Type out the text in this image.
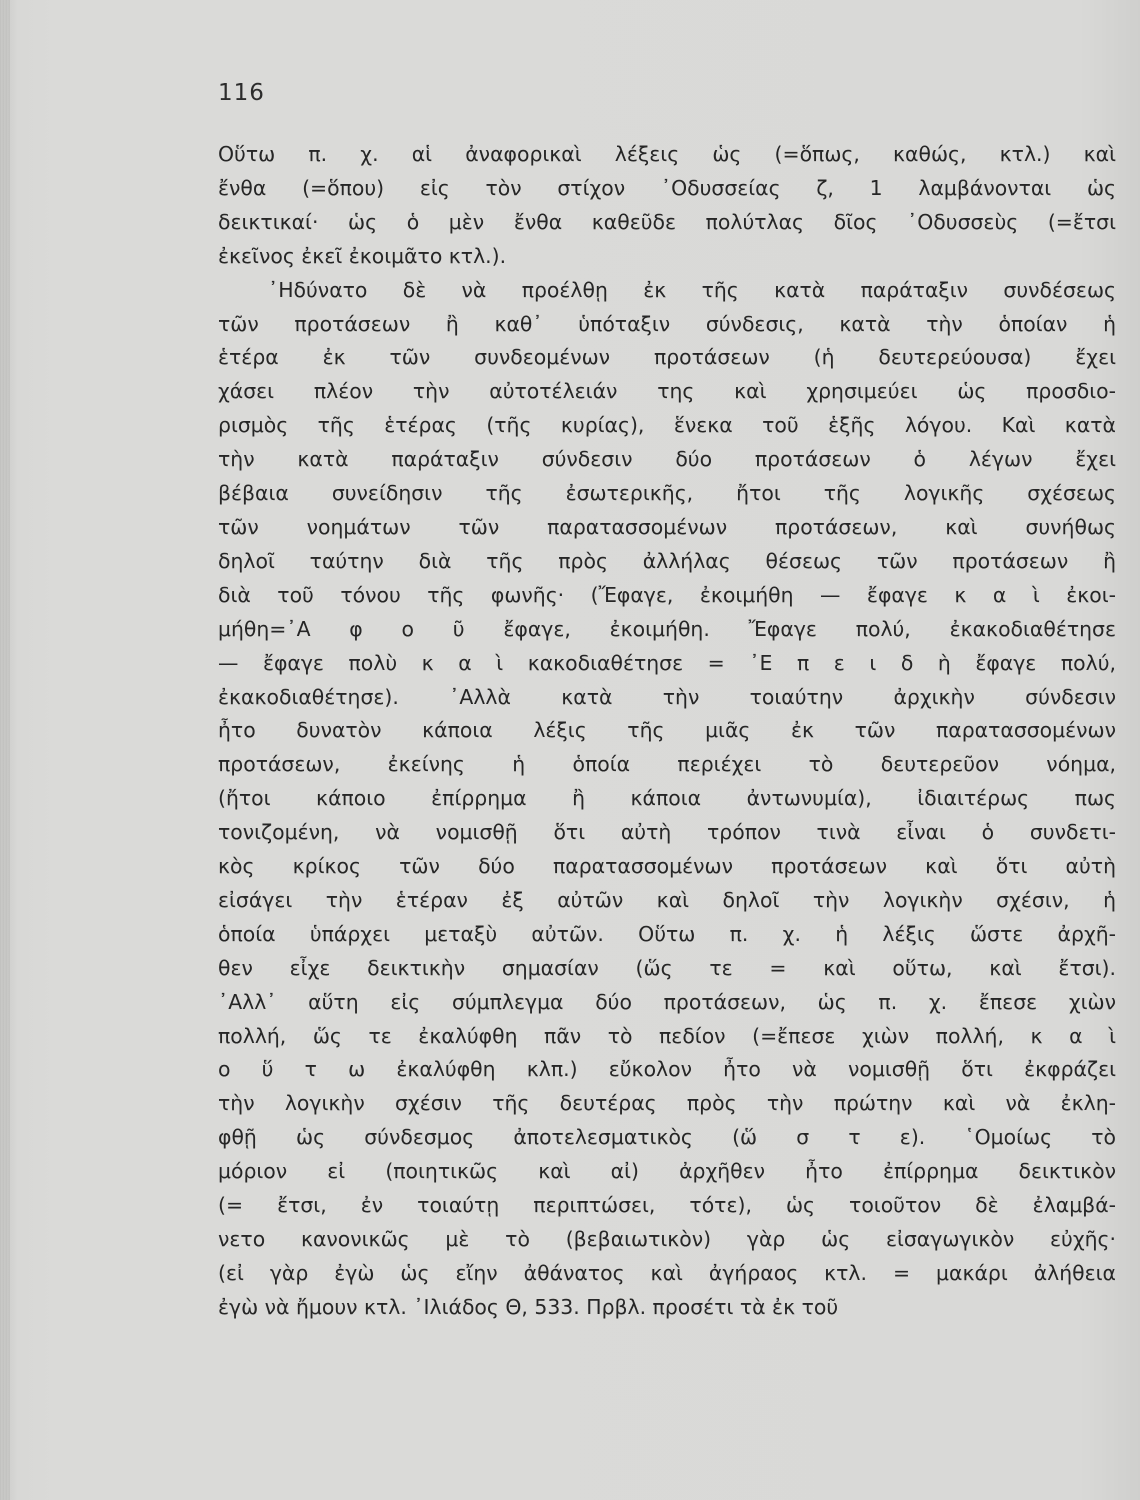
116
Οὕτω π. χ. αἱ ἀναφορικαὶ λέξεις ὡς (=ὅπως, καθώς, κτλ.) καὶ
ἔνθα (=ὅπου) εἰς τὸν στίχον ᾿Οδυσσείας ζ, 1 λαμβάνονται ὡς
δεικτικαί· ὡς ὁ μὲν ἔνθα καθεῦδε πολύτλας δῖος ᾿Οδυσσεὺς (=ἔτσι
ἐκεῖνος ἐκεῖ ἐκοιμᾶτο κτλ.).
᾿Ηδύνατο δὲ νὰ προέλθῃ ἐκ τῆς κατὰ παράταξιν συνδέσεως
τῶν προτάσεων ἢ καθ᾿ ὑπόταξιν σύνδεσις, κατὰ τὴν ὁποίαν ἡ
ἑτέρα ἐκ τῶν συνδεομένων προτάσεων (ἡ δευτερεύουσα) ἔχει
χάσει πλέον τὴν αὐτοτέλειάν της καὶ χρησιμεύει ὡς προσδιο-
ρισμὸς τῆς ἑτέρας (τῆς κυρίας), ἕνεκα τοῦ ἑξῆς λόγου. Καὶ κατὰ
τὴν κατὰ παράταξιν σύνδεσιν δύο προτάσεων ὁ λέγων ἔχει
βέβαια συνείδησιν τῆς ἐσωτερικῆς, ἤτοι τῆς λογικῆς σχέσεως
τῶν νοημάτων τῶν παρατασσομένων προτάσεων, καὶ συνήθως
δηλοῖ ταύτην διὰ τῆς πρὸς ἀλλήλας θέσεως τῶν προτάσεων ἢ
διὰ τοῦ τόνου τῆς φωνῆς· (Ἔφαγε, ἐκοιμήθη — ἔφαγε κ α ὶ ἐκοι-
μήθη=᾿Α φ ο ῦ ἔφαγε, ἐκοιμήθη. Ἔφαγε πολύ, ἐκακοδιαθέτησε
— ἔφαγε πολὺ κ α ὶ κακοδιαθέτησε = ᾿Ε π ε ι δ ὴ ἔφαγε πολύ,
ἐκακοδιαθέτησε). ᾿Αλλὰ κατὰ τὴν τοιαύτην ἀρχικὴν σύνδεσιν
ἦτο δυνατὸν κάποια λέξις τῆς μιᾶς ἐκ τῶν παρατασσομένων
προτάσεων, ἐκείνης ἡ ὁποία περιέχει τὸ δευτερεῦον νόημα,
(ἤτοι κάποιο ἐπίρρημα ἢ κάποια ἀντωνυμία), ἰδιαιτέρως πως
τονιζομένη, νὰ νομισθῇ ὅτι αὐτὴ τρόπον τινὰ εἶναι ὁ συνδετι-
κὸς κρίκος τῶν δύο παρατασσομένων προτάσεων καὶ ὅτι αὐτὴ
εἰσάγει τὴν ἑτέραν ἐξ αὐτῶν καὶ δηλοῖ τὴν λογικὴν σχέσιν, ἡ
ὁποία ὑπάρχει μεταξὺ αὐτῶν. Οὕτω π. χ. ἡ λέξις ὥστε ἀρχῆ-
θεν εἶχε δεικτικὴν σημασίαν (ὥς τε = καὶ οὕτω, καὶ ἔτσι).
᾿Αλλ᾿ αὕτη εἰς σύμπλεγμα δύο προτάσεων, ὡς π. χ. ἔπεσε χιὼν
πολλή, ὥς τε ἐκαλύφθη πᾶν τὸ πεδίον (=ἔπεσε χιὼν πολλή, κ α ὶ
ο ὕ τ ω ἐκαλύφθη κλπ.) εὔκολον ἦτο νὰ νομισθῇ ὅτι ἐκφράζει
τὴν λογικὴν σχέσιν τῆς δευτέρας πρὸς τὴν πρώτην καὶ νὰ ἐκλη-
φθῇ ὡς σύνδεσμος ἀποτελεσματικὸς (ὥ σ τ ε). ῾Ομοίως τὸ
μόριον εἰ (ποιητικῶς καὶ αἰ) ἀρχῆθεν ἦτο ἐπίρρημα δεικτικὸν
(= ἔτσι, ἐν τοιαύτῃ περιπτώσει, τότε), ὡς τοιοῦτον δὲ ἐλαμβά-
νετο κανονικῶς μὲ τὸ (βεβαιωτικὸν) γὰρ ὡς εἰσαγωγικὸν εὐχῆς·
(εἰ γὰρ ἐγὼ ὡς εἴην ἀθάνατος καὶ ἀγήραος κτλ. = μακάρι ἀλήθεια
ἐγὼ νὰ ἤμουν κτλ. ᾿Ιλιάδος Θ, 533. Πρβλ. προσέτι τὰ ἐκ τοῦ
